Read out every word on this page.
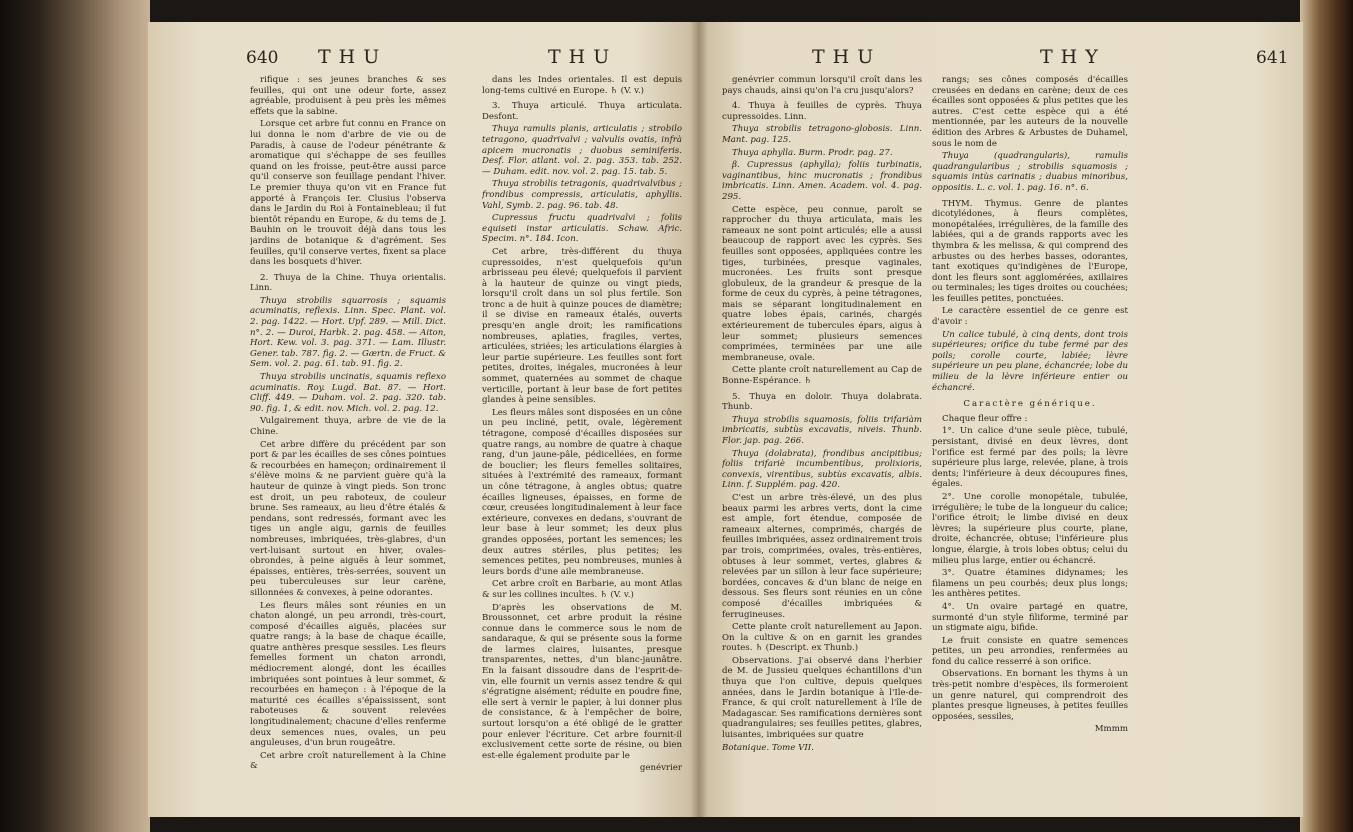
640 THU	THU	THU	THY	641

rifique : ses jeunes branches & ses feuilles, qui ont une odeur forte, assez agréable, produisent à peu près les mêmes effets que la sabine.

Lorsque cet arbre fut connu en France on lui donna le nom d'arbre de vie ou de Paradis, à cause de l'odeur pénétrante & aromatique qui s'échappe de ses feuilles quand on les froisse, peut-être aussi parce qu'il conserve son feuillage pendant l'hiver. Le premier thuya qu'on vit en France fut apporté à François Ier. Clusius l'observa dans le Jardin du Roi à Fontainebleau; il fut bientôt répandu en Europe, & du tems de J. Bauhin on le trouvoit déjà dans tous les jardins de botanique & d'agrément. Ses feuilles, qu'il conserve vertes, fixent sa place dans les bosquets d'hiver.

2. Thuya de la Chine. Thuya orientalis. Linn.

Thuya strobilis squarrosis ; squamis acuminatis, reflexis. Linn. Spec. Plant. vol. 2. pag. 1422. — Hort. Upf. 289. — Mill. Dict. n°. 2. — Duroi, Harbk. 2. pag. 458. — Aiton, Hort. Kew. vol. 3. pag. 371. — Lam. Illustr. Gener. tab. 787. fig. 2. — Gærtn. de Fruct. & Sem. vol. 2. pag. 61. tab. 91. fig. 2.

Thuya strobilis uncinatis, squamis reflexo acuminatis. Roy. Lugd. Bat. 87. — Hort. Cliff. 449. — Duham. vol. 2. pag. 320. tab. 90. fig. 1, & edit. nov. Mich. vol. 2. pag. 12.

Vulgairement thuya, arbre de vie de la Chine.

Cet arbre diffère du précédent par son port & par les écailles de ses cônes pointues & recourbées en hameçon; ordinairement il s'élève moins & ne parvient guère qu'à la hauteur de quinze à vingt pieds. Son tronc est droit, un peu raboteux, de couleur brune. Ses rameaux, au lieu d'être étalés & pendans, sont redressés, formant avec les tiges un angle aigu, garnis de feuilles nombreuses, imbriquées, très-glabres, d'un vert-luisant surtout en hiver, ovales-obrondes, à peine aiguës à leur sommet, épaisses, entières, très-serrées, souvent un peu tuberculeuses sur leur carène, sillonnées & convexes, à peine odorantes.

Les fleurs mâles sont réunies en un chaton alongé, un peu arrondi, très-court, composé d'écailles aiguës, placées sur quatre rangs; à la base de chaque écaille, quatre anthères presque sessiles. Les fleurs femelles forment un chaton arrondi, médiocrement alongé, dont les écailles imbriquées sont pointues à leur sommet, & recourbées en hameçon : à l'époque de la maturité ces écailles s'épaississent, sont raboteuses & souvent relevées longitudinalement; chacune d'elles renferme deux semences nues, ovales, un peu anguleuses, d'un brun rougeâtre.

Cet arbre croît naturellement à la Chine &

dans les Indes orientales. Il est depuis long-tems cultivé en Europe. ♄ (V. v.)

3. Thuya articulé. Thuya articulata. Desfont.

Thuya ramulis planis, articulatis ; strobilo tetragono, quadrivalvi ; valvulis ovatis, infrà apicem mucronatis ; duobus seminiferis. Desf. Flor. atlant. vol. 2. pag. 353. tab. 252. — Duham. edit. nov. vol. 2. pag. 15. tab. 5.

Thuya strobilis tetragonis, quadrivalvibus ; frondibus compressis, articulatis, aphyllis. Vahl, Symb. 2. pag. 96. tab. 48.

Cupressus fructu quadrivalvi ; foliis equiseti instar articulatis. Schaw. Afric. Specim. n°. 184. Icon.

Cet arbre, très-différent du thuya cupressoides, n'est quelquefois qu'un arbrisseau peu élevé; quelquefois il parvient à la hauteur de quinze ou vingt pieds, lorsqu'il croît dans un sol plus fertile. Son tronc a de huit à quinze pouces de diamètre; il se divise en rameaux étalés, ouverts presqu'en angle droit; les ramifications nombreuses, aplaties, fragiles, vertes, articulées, striées; les articulations élargies à leur partie supérieure. Les feuilles sont fort petites, droites, inégales, mucronées à leur sommet, quaternées au sommet de chaque verticille, portant à leur base de fort petites glandes à peine sensibles.

Les fleurs mâles sont disposées en un cône un peu incliné, petit, ovale, légèrement tétragone, composé d'écailles disposées sur quatre rangs, au nombre de quatre à chaque rang, d'un jaune-pâle, pédicellées, en forme de bouclier; les fleurs femelles solitaires, situées à l'extrémité des rameaux, formant un cône tétragone, à angles obtus; quatre écailles ligneuses, épaisses, en forme de cœur, creusées longitudinalement à leur face extérieure, convexes en dedans, s'ouvrant de leur base à leur sommet; les deux plus grandes opposées, portant les semences; les deux autres stériles, plus petites; les semences petites, peu nombreuses, munies à leurs bords d'une aile membraneuse.

Cet arbre croît en Barbarie, au mont Atlas & sur les collines incultes. ♄ (V. v.)

D'après les observations de M. Broussonnet, cet arbre produit la résine connue dans le commerce sous le nom de sandaraque, & qui se présente sous la forme de larmes claires, luisantes, presque transparentes, nettes, d'un blanc-jaunâtre. En la faisant dissoudre dans de l'esprit-de-vin, elle fournit un vernis assez tendre & qui s'égratigne aisément; réduite en poudre fine, elle sert à vernir le papier, à lui donner plus de consistance, & à l'empêcher de boire, surtout lorsqu'on a été obligé de le gratter pour enlever l'écriture. Cet arbre fournit-il exclusivement cette sorte de résine, ou bien est-elle également produite par le

genévrier

genévrier commun lorsqu'il croît dans les pays chauds, ainsi qu'on l'a cru jusqu'alors?

4. Thuya à feuilles de cyprès. Thuya cupressoides. Linn.

Thuya strobilis tetragono-globosis. Linn. Mant. pag. 125.

Thuya aphylla. Burm. Prodr. pag. 27.

β. Cupressus (aphylla); foliis turbinatis, vaginantibus, hinc mucronatis ; frondibus imbricatis. Linn. Amen. Academ. vol. 4. pag. 295.

Cette espèce, peu connue, paroît se rapprocher du thuya articulata, mais les rameaux ne sont point articulés; elle a aussi beaucoup de rapport avec les cyprès. Ses feuilles sont opposées, appliquées contre les tiges, turbinées, presque vaginales, mucronées. Les fruits sont presque globuleux, de la grandeur & presque de la forme de ceux du cyprès, à peine tétragones, mais se séparant longitudinalement en quatre lobes épais, carinés, chargés extérieurement de tubercules épars, aigus à leur sommet; plusieurs semences comprimées, terminées par une aile membraneuse, ovale.

Cette plante croît naturellement au Cap de Bonne-Espérance. ♄

5. Thuya en doloir. Thuya dolabrata. Thunb.

Thuya strobilis squamosis, foliis trifariàm imbricatis, subtùs excavatis, niveis. Thunb. Flor. jap. pag. 266.

Thuya (dolabrata), frondibus ancipitibus; foliis trifariè incumbentibus, prolixioris, convexis, virentibus, subtùs excavatis, albis. Linn. f. Supplém. pag. 420.

C'est un arbre très-élevé, un des plus beaux parmi les arbres verts, dont la cime est ample, fort étendue, composée de rameaux alternes, comprimés, chargés de feuilles imbriquées, assez ordinairement trois par trois, comprimées, ovales, très-entières, obtuses à leur sommet, vertes, glabres & relevées par un sillon à leur face supérieure; bordées, concaves & d'un blanc de neige en dessous. Ses fleurs sont réunies en un cône composé d'écailles imbriquées & ferrugineuses.

Cette plante croît naturellement au Japon. On la cultive & on en garnit les grandes routes. ♄ (Descript. ex Thunb.)

Observations. J'ai observé dans l'herbier de M. de Jussieu quelques échantillons d'un thuya que l'on cultive, depuis quelques années, dans le Jardin botanique à l'Ile-de-France, & qui croît naturellement à l'île de Madagascar. Ses ramifications dernières sont quadrangulaires; ses feuilles petites, glabres, luisantes, imbriquées sur quatre

Botanique. Tome VII.

rangs; ses cônes composés d'écailles creusées en dedans en carène; deux de ces écailles sont opposées & plus petites que les autres. C'est cette espèce qui a été mentionnée, par les auteurs de la nouvelle édition des Arbres & Arbustes de Duhamel, sous le nom de

Thuya (quadrangularis), ramulis quadrangularibus ; strobilis squamosis ; squamis intùs carinatis ; duabus minoribus, oppositis. L. c. vol. 1. pag. 16. n°. 6.

THYM. Thymus. Genre de plantes dicotylédones, à fleurs complètes, monopétalées, irrégulières, de la famille des labiées, qui a de grands rapports avec les thymbra & les melissa, & qui comprend des arbustes ou des herbes basses, odorantes, tant exotiques qu'indigènes de l'Europe, dont les fleurs sont agglomérées, axillaires ou terminales; les tiges droites ou couchées; les feuilles petites, ponctuées.

Le caractère essentiel de ce genre est d'avoir :

Un calice tubulé, à cinq dents, dont trois supérieures; orifice du tube fermé par des poils; corolle courte, labiée; lèvre supérieure un peu plane, échancrée; lobe du milieu de la lèvre inférieure entier ou échancré.

Caractère générique.

Chaque fleur offre :

1°. Un calice d'une seule pièce, tubulé, persistant, divisé en deux lèvres, dont l'orifice est fermé par des poils; la lèvre supérieure plus large, relevée, plane, à trois dents; l'inférieure à deux découpures fines, égales.

2°. Une corolle monopétale, tubulée, irrégulière; le tube de la longueur du calice; l'orifice étroit; le limbe divisé en deux lèvres; la supérieure plus courte, plane, droite, échancrée, obtuse; l'inférieure plus longue, élargie, à trois lobes obtus; celui du milieu plus large, entier ou échancré.

3°. Quatre étamines didynames; les filamens un peu courbés; deux plus longs; les anthères petites.

4°. Un ovaire partagé en quatre, surmonté d'un style filiforme, terminé par un stigmate aigu, bifide.

Le fruit consiste en quatre semences petites, un peu arrondies, renfermées au fond du calice resserré à son orifice.

Observations. En bornant les thyms à un très-petit nombre d'espèces, ils formeroient un genre naturel, qui comprendroit des plantes presque ligneuses, à petites feuilles opposées, sessiles,

Mmmm
